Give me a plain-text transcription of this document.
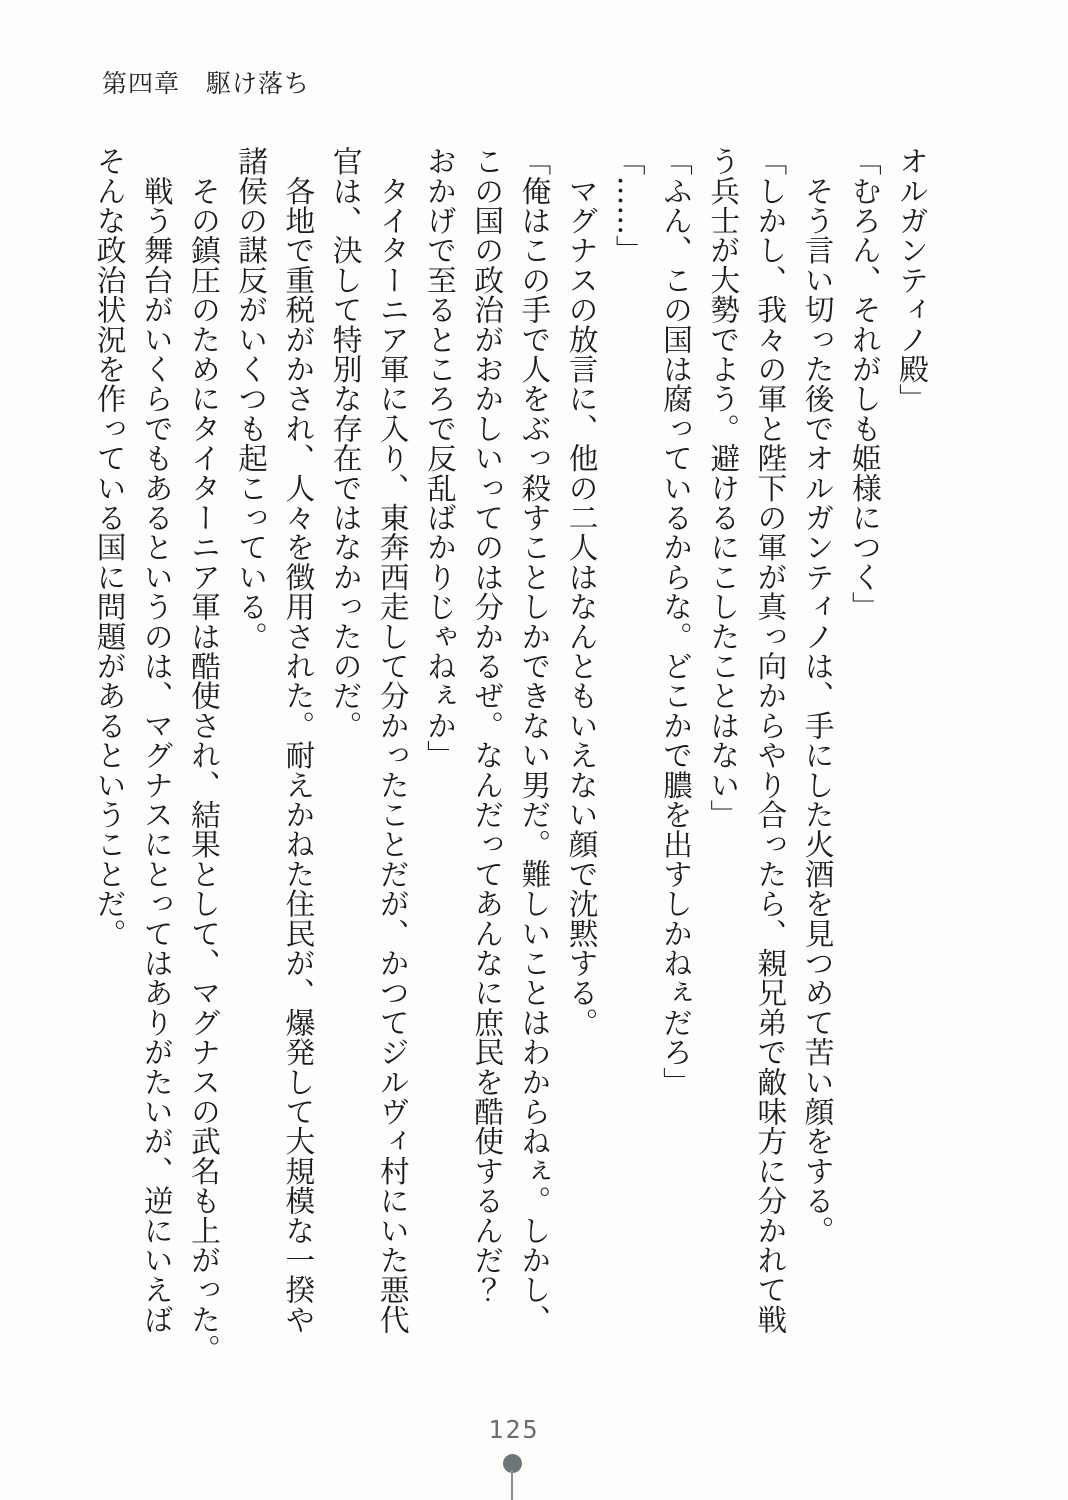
第四章　駆け落ち
オルガンティノ殿」
「むろん、それがしも姫様につく」
　そう言い切った後でオルガンティノは、手にした火酒を見つめて苦い顔をする。
「しかし、我々の軍と陛下の軍が真っ向からやり合ったら、親兄弟で敵味方に分かれて戦
う兵士が大勢でよう。避けるにこしたことはない」
「ふん、この国は腐っているからな。どこかで膿を出すしかねぇだろ」
「……」
　マグナスの放言に、他の二人はなんともいえない顔で沈黙する。
「俺はこの手で人をぶっ殺すことしかできない男だ。難しいことはわからねぇ。しかし、
この国の政治がおかしいってのは分かるぜ。なんだってあんなに庶民を酷使するんだ？
おかげで至るところで反乱ばかりじゃねぇか」
　タイターニア軍に入り、東奔西走して分かったことだが、かつてジルヴィ村にいた悪代
官は、決して特別な存在ではなかったのだ。
　各地で重税がかされ、人々を徴用された。耐えかねた住民が、爆発して大規模な一揆や
諸侯の謀反がいくつも起こっている。
　その鎮圧のためにタイターニア軍は酷使され、結果として、マグナスの武名も上がった。
　戦う舞台がいくらでもあるというのは、マグナスにとってはありがたいが、逆にいえば
そんな政治状況を作っている国に問題があるということだ。
125
